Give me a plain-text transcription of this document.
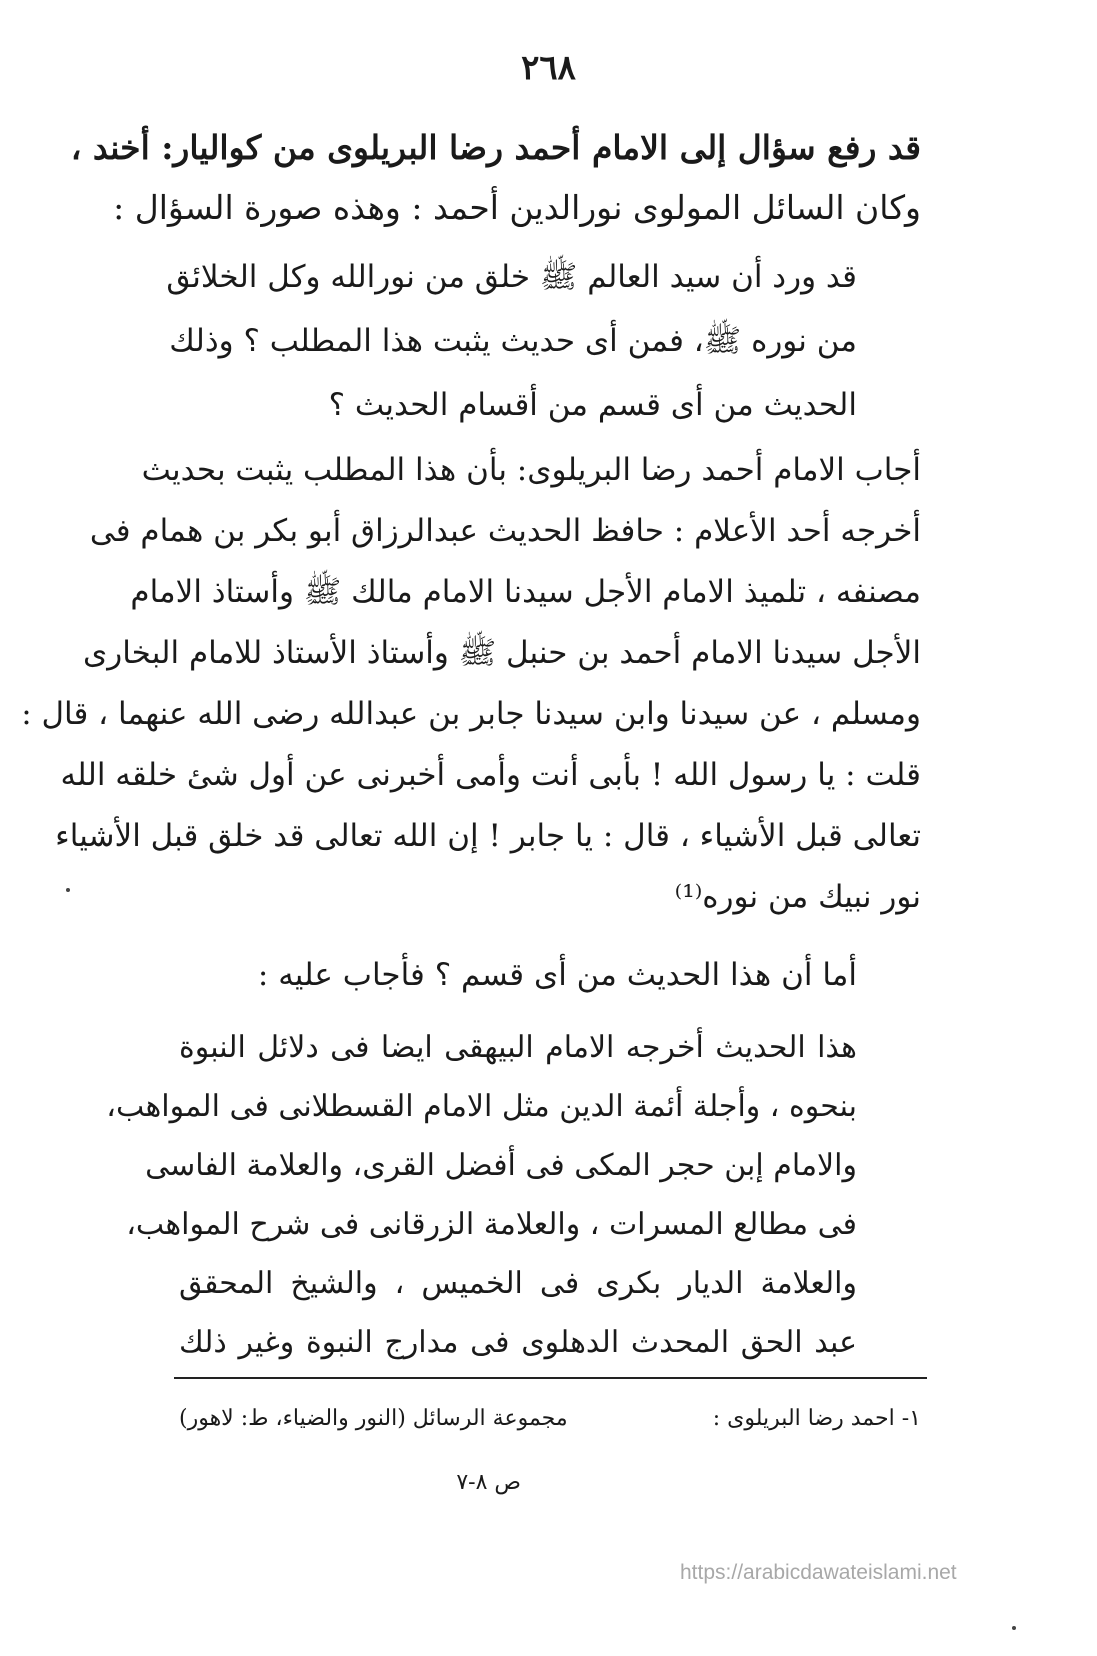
٢٦٨
قد رفع سؤال إلى الامام أحمد رضا البريلوى من كواليار: أخند ،
وكان السائل المولوى نورالدين أحمد : وهذه صورة السؤال :
قد ورد أن سيد العالم ﷺ خلق من نورالله وكل الخلائق
من نوره ﷺ، فمن أى حديث يثبت هذا المطلب ؟ وذلك
الحديث من أى قسم من أقسام الحديث ؟
أجاب الامام أحمد رضا البريلوى: بأن هذا المطلب يثبت بحديث
أخرجه أحد الأعلام : حافظ الحديث عبدالرزاق أبو بكر بن همام فى
مصنفه ، تلميذ الامام الأجل سيدنا الامام مالك ﷺ وأستاذ الامام
الأجل سيدنا الامام أحمد بن حنبل ﷺ وأستاذ الأستاذ للامام البخارى
ومسلم ، عن سيدنا وابن سيدنا جابر بن عبدالله رضى الله عنهما ، قال :
قلت : يا رسول الله ! بأبى أنت وأمى أخبرنى عن أول شئ خلقه الله
تعالى قبل الأشياء ، قال : يا جابر ! إن الله تعالى قد خلق قبل الأشياء
نور نبيك من نوره⁽¹⁾
أما أن هذا الحديث من أى قسم ؟ فأجاب عليه :
هذا الحديث أخرجه الامام البيهقى ايضا فى دلائل النبوة
بنحوه ، وأجلة أئمة الدين مثل الامام القسطلانى فى المواهب،
والامام إبن حجر المكى فى أفضل القرى، والعلامة الفاسى
فى مطالع المسرات ، والعلامة الزرقانى فى شرح المواهب،
والعلامة الديار بكرى فى الخميس ، والشيخ المحقق
عبد الحق المحدث الدهلوى فى مدارج النبوة وغير ذلك
١- احمد رضا البريلوى :
مجموعة الرسائل (النور والضياء، ط: لاهور)
ص ٨-٧
https://arabicdawateislami.net
